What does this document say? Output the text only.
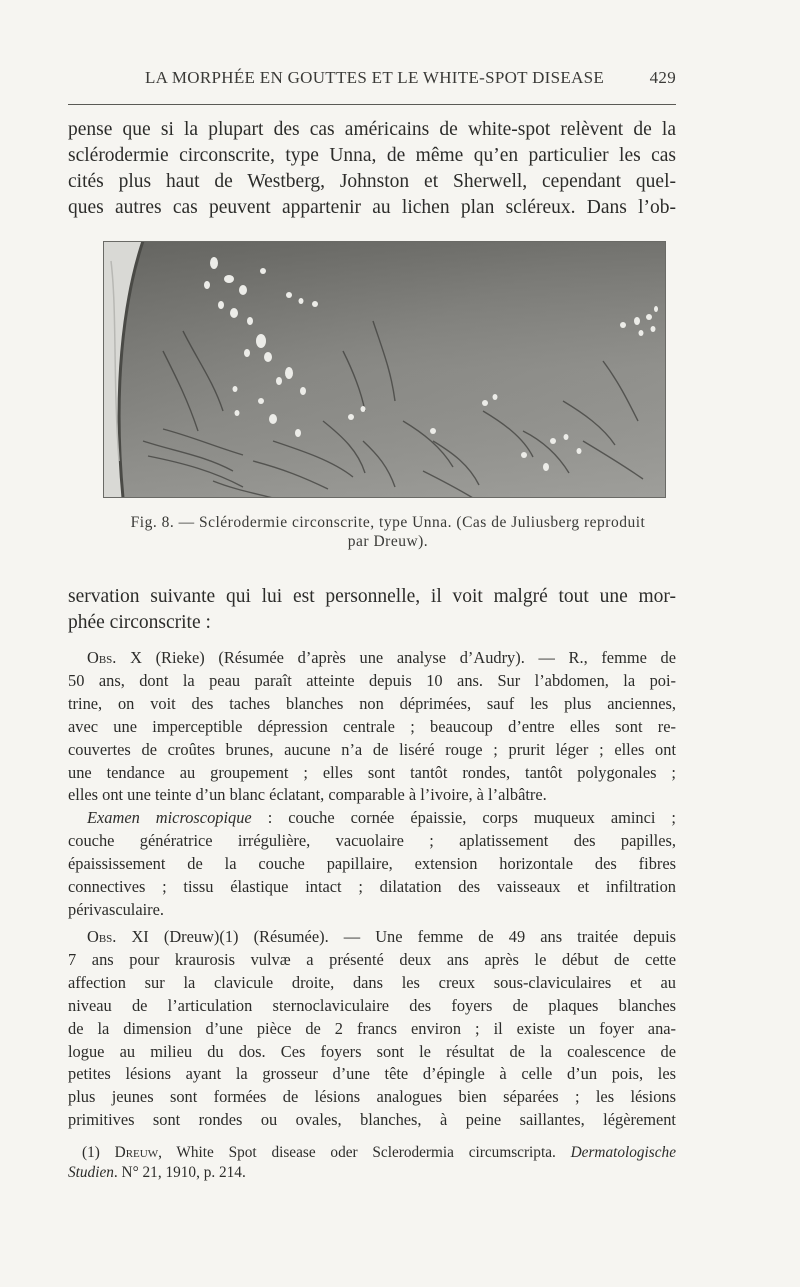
LA MORPHÉE EN GOUTTES ET LE WHITE-SPOT DISEASE	429
pense que si la plupart des cas américains de white-spot relèvent de la
sclérodermie circonscrite, type Unna, de même qu’en particulier les cas
cités plus haut de Westberg, Johnston et Sherwell, cependant quel-
ques autres cas peuvent appartenir au lichen plan scléreux. Dans l’ob-
Fig. 8. — Sclérodermie circonscrite, type Unna. (Cas de Juliusberg reproduit
par Dreuw).
servation suivante qui lui est personnelle, il voit malgré tout une mor-
phée circonscrite :
Obs. X (Rieke) (Résumée d’après une analyse d’Audry). — R., femme de
50 ans, dont la peau paraît atteinte depuis 10 ans. Sur l’abdomen, la poi-
trine, on voit des taches blanches non déprimées, sauf les plus anciennes,
avec une imperceptible dépression centrale ; beaucoup d’entre elles sont re-
couvertes de croûtes brunes, aucune n’a de liséré rouge ; prurit léger ; elles ont
une tendance au groupement ; elles sont tantôt rondes, tantôt polygonales ;
elles ont une teinte d’un blanc éclatant, comparable à l’ivoire, à l’albâtre.
Examen microscopique : couche cornée épaissie, corps muqueux aminci ;
couche génératrice irrégulière, vacuolaire ; aplatissement des papilles,
épaississement de la couche papillaire, extension horizontale des fibres
connectives ; tissu élastique intact ; dilatation des vaisseaux et infiltration
périvasculaire.
Obs. XI (Dreuw)(1) (Résumée). — Une femme de 49 ans traitée depuis
7 ans pour kraurosis vulvæ a présenté deux ans après le début de cette
affection sur la clavicule droite, dans les creux sous-claviculaires et au
niveau de l’articulation sternoclaviculaire des foyers de plaques blanches
de la dimension d’une pièce de 2 francs environ ; il existe un foyer ana-
logue au milieu du dos. Ces foyers sont le résultat de la coalescence de
petites lésions ayant la grosseur d’une tête d’épingle à celle d’un pois, les
plus jeunes sont formées de lésions analogues bien séparées ; les lésions
primitives sont rondes ou ovales, blanches, à peine saillantes, légèrement
(1) Dreuw, White Spot disease oder Sclerodermia circumscripta. Dermatologische
Studien. N° 21, 1910, p. 214.
